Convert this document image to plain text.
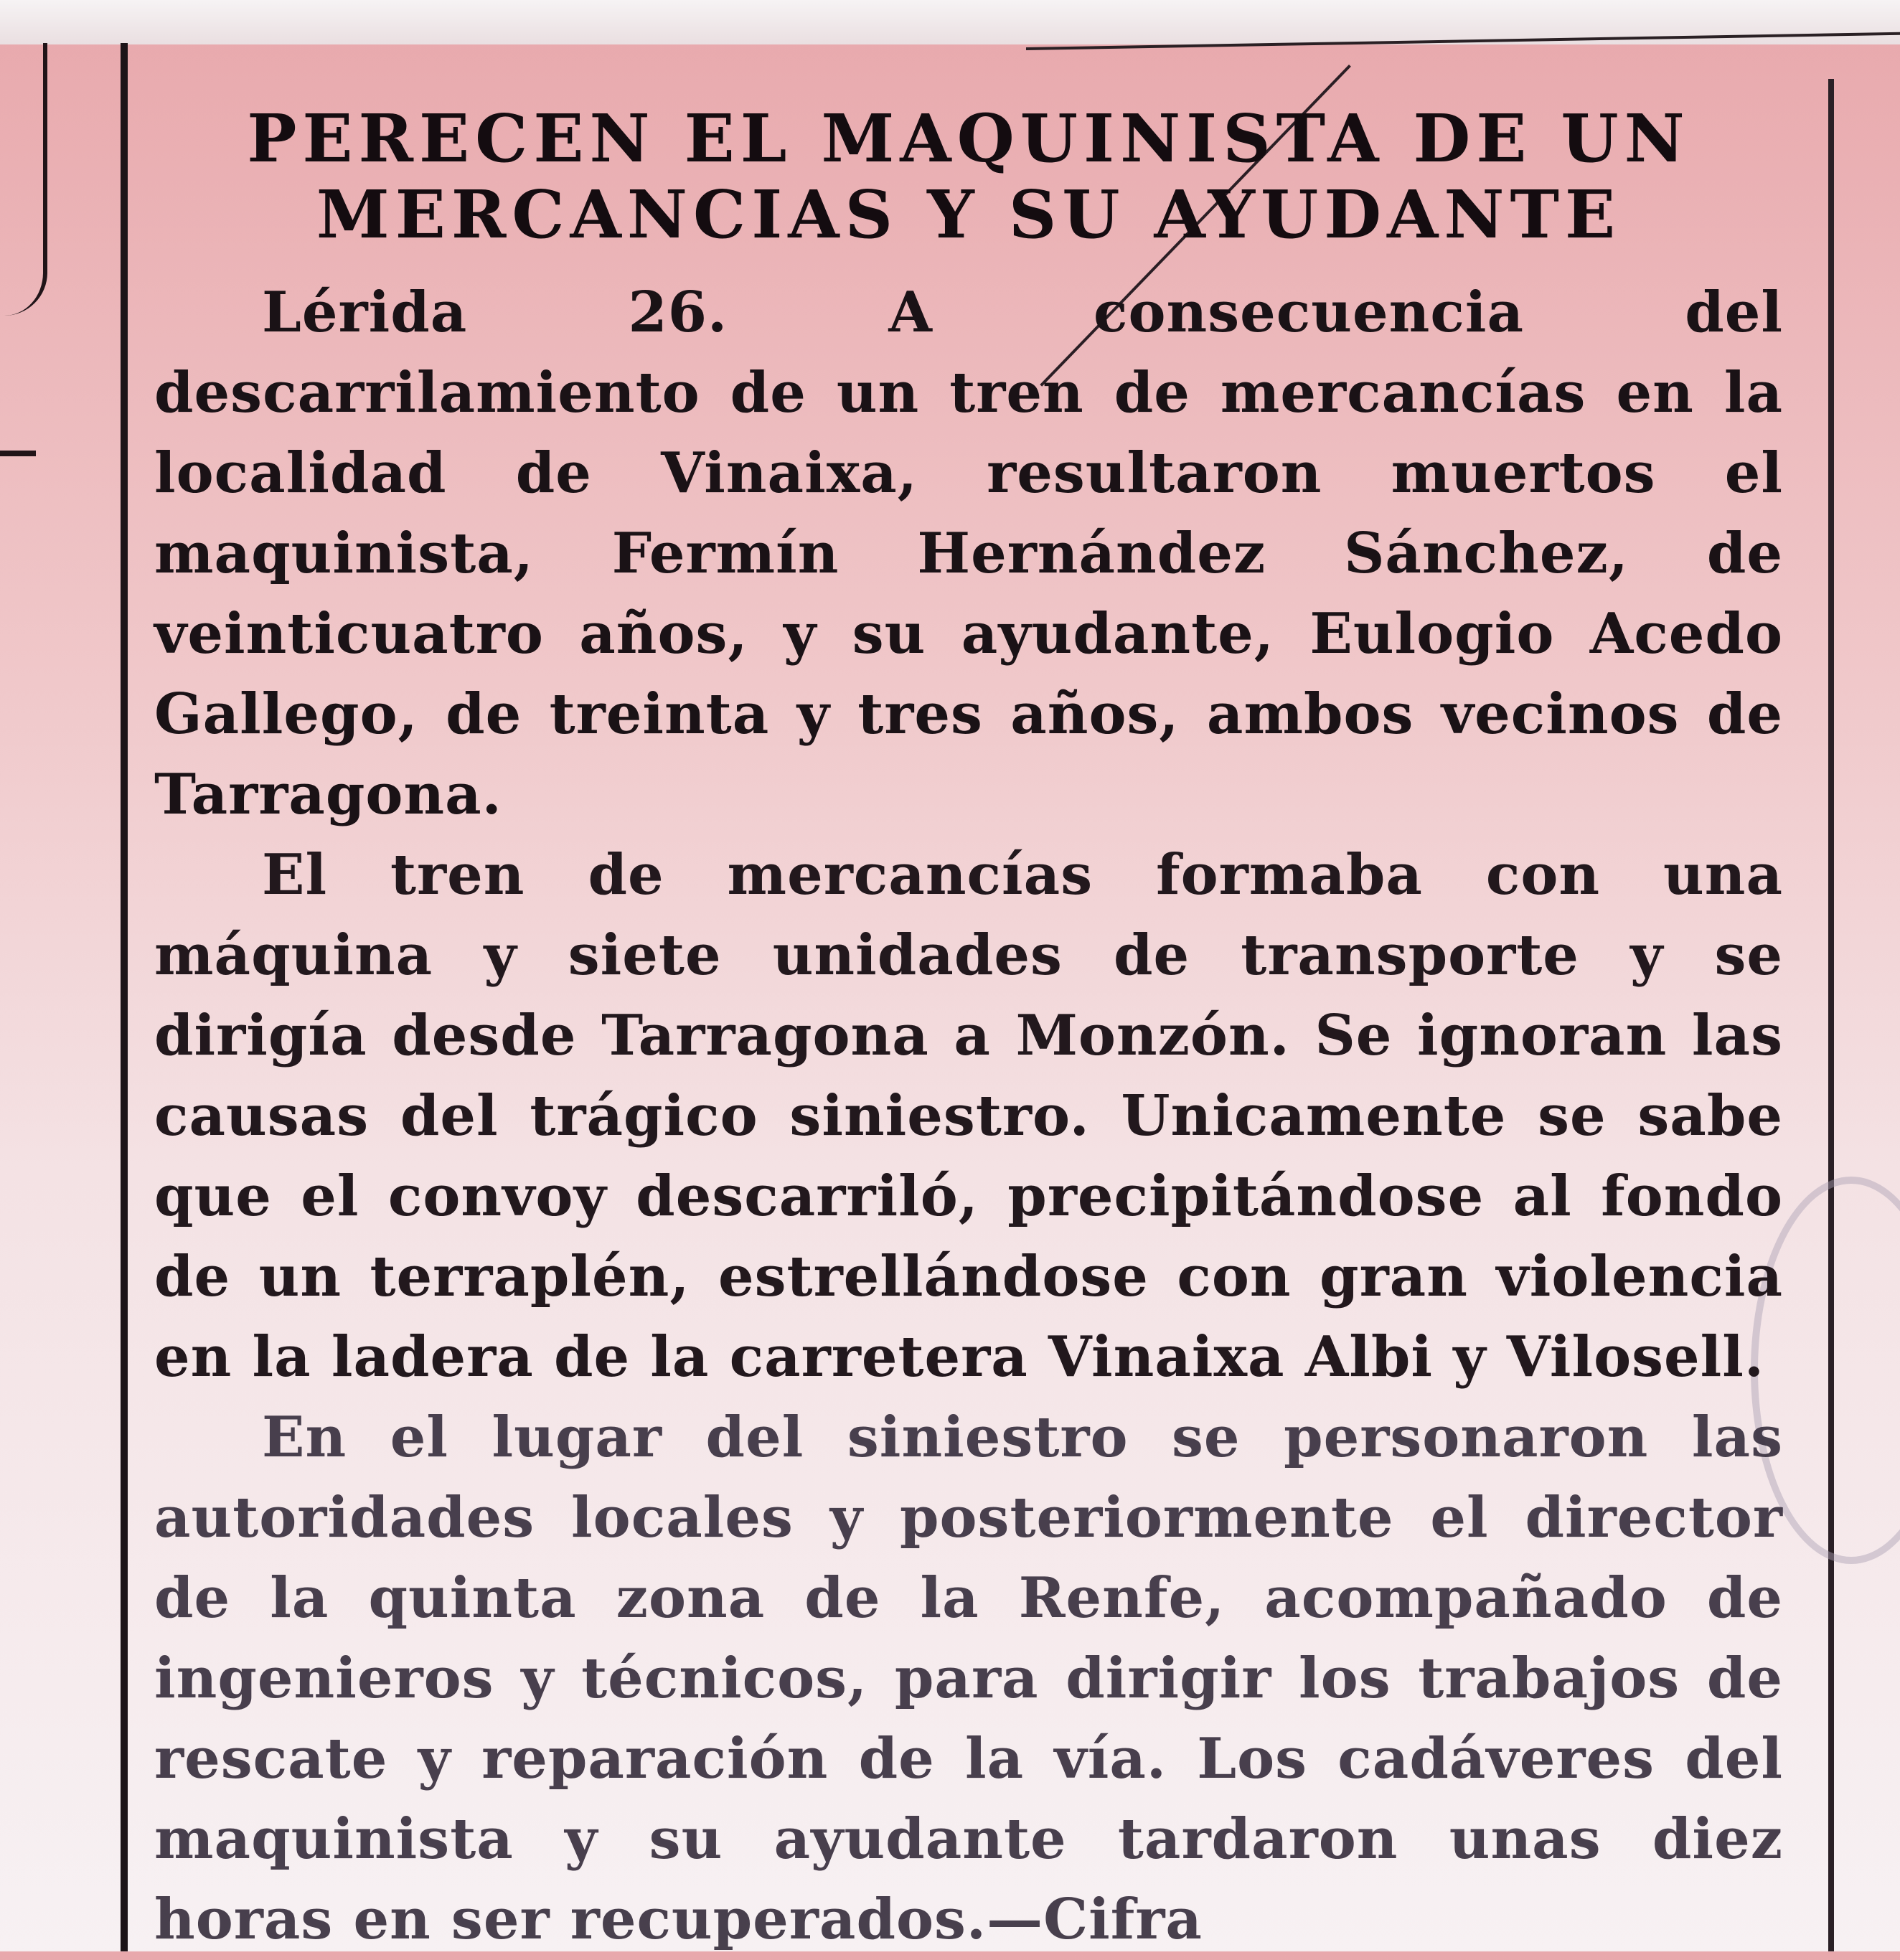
PERECEN EL MAQUINISTA DE UN MERCANCIAS Y SU AYUDANTE

Lérida 26. A consecuencia del descarrilamiento de un tren de mercancías en la localidad de Vinaixa, resultaron muertos el maquinista, Fermín Hernández Sánchez, de veinticuatro años, y su ayudante, Eulogio Acedo Gallego, de treinta y tres años, ambos vecinos de Tarragona.

El tren de mercancías formaba con una máquina y siete unidades de transporte y se dirigía desde Tarragona a Monzón. Se ignoran las causas del trágico siniestro. Unicamente se sabe que el convoy descarriló, precipitándose al fondo de un terraplén, estrellándose con gran violencia en la ladera de la carretera Vinaixa Albi y Vilosell.

En el lugar del siniestro se personaron las autoridades locales y posteriormente el director de la quinta zona de la Renfe, acompañado de ingenieros y técnicos, para dirigir los trabajos de rescate y reparación de la vía. Los cadáveres del maquinista y su ayudante tardaron unas diez horas en ser recuperados.—Cifra
